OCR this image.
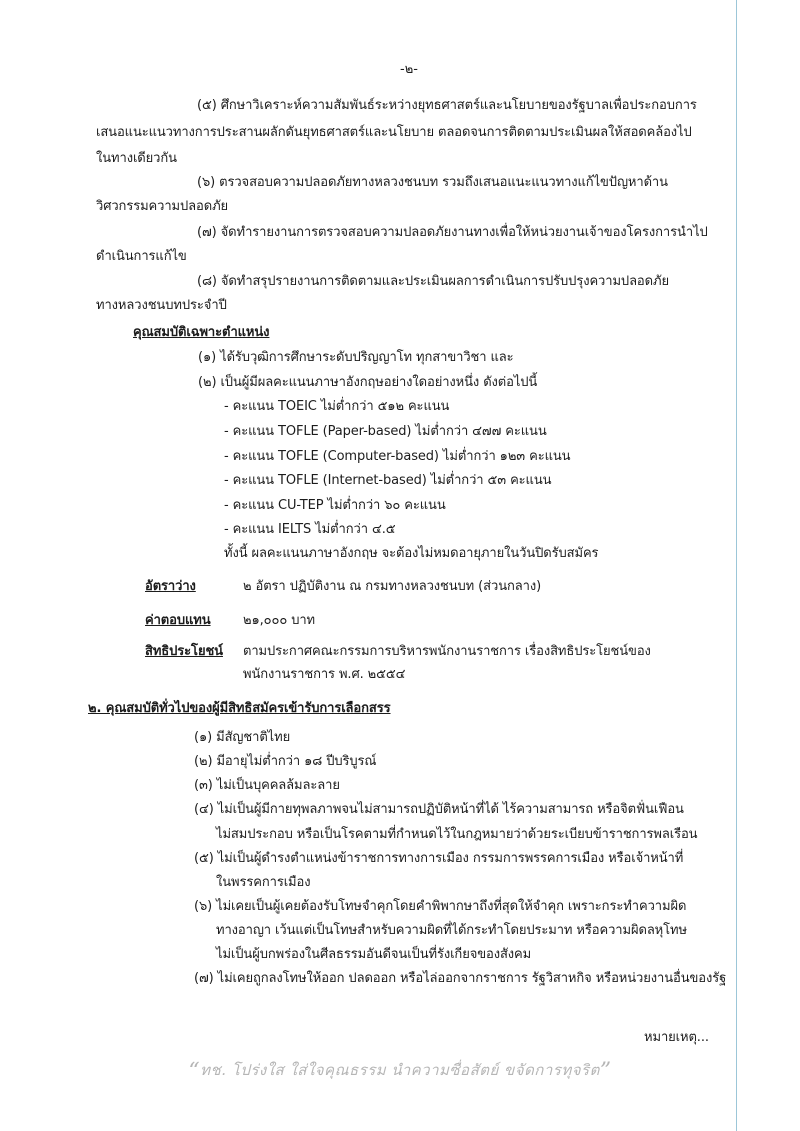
-๒-
(๕) ศึกษาวิเคราะห์ความสัมพันธ์ระหว่างยุทธศาสตร์และนโยบายของรัฐบาลเพื่อประกอบการ
เสนอแนะแนวทางการประสานผลักดันยุทธศาสตร์และนโยบาย ตลอดจนการติดตามประเมินผลให้สอดคล้องไป
ในทางเดียวกัน
(๖) ตรวจสอบความปลอดภัยทางหลวงชนบท รวมถึงเสนอแนะแนวทางแก้ไขปัญหาด้าน
วิศวกรรมความปลอดภัย
(๗) จัดทำรายงานการตรวจสอบความปลอดภัยงานทางเพื่อให้หน่วยงานเจ้าของโครงการนำไป
ดำเนินการแก้ไข
(๘) จัดทำสรุปรายงานการติดตามและประเมินผลการดำเนินการปรับปรุงความปลอดภัย
ทางหลวงชนบทประจำปี
คุณสมบัติเฉพาะตำแหน่ง
(๑) ได้รับวุฒิการศึกษาระดับปริญญาโท ทุกสาขาวิชา และ
(๒) เป็นผู้มีผลคะแนนภาษาอังกฤษอย่างใดอย่างหนึ่ง ดังต่อไปนี้
- คะแนน TOEIC ไม่ต่ำกว่า ๕๑๒ คะแนน
- คะแนน TOFLE (Paper-based) ไม่ต่ำกว่า ๔๗๗ คะแนน
- คะแนน TOFLE (Computer-based) ไม่ต่ำกว่า ๑๒๓ คะแนน
- คะแนน TOFLE (Internet-based) ไม่ต่ำกว่า ๕๓ คะแนน
- คะแนน CU-TEP ไม่ต่ำกว่า ๖๐ คะแนน
- คะแนน IELTS ไม่ต่ำกว่า ๔.๕
ทั้งนี้ ผลคะแนนภาษาอังกฤษ จะต้องไม่หมดอายุภายในวันปิดรับสมัคร
อัตราว่าง	๒ อัตรา ปฏิบัติงาน ณ กรมทางหลวงชนบท (ส่วนกลาง)
ค่าตอบแทน ๒๑,๐๐๐ บาท
สิทธิประโยชน์ ตามประกาศคณะกรรมการบริหารพนักงานราชการ เรื่องสิทธิประโยชน์ของ
พนักงานราชการ พ.ศ. ๒๕๕๔
๒. คุณสมบัติทั่วไปของผู้มีสิทธิสมัครเข้ารับการเลือกสรร
(๑) มีสัญชาติไทย
(๒) มีอายุไม่ต่ำกว่า ๑๘ ปีบริบูรณ์
(๓) ไม่เป็นบุคคลล้มละลาย
(๔) ไม่เป็นผู้มีกายทุพลภาพจนไม่สามารถปฏิบัติหน้าที่ได้ ไร้ความสามารถ หรือจิตฟั่นเฟือน
ไม่สมประกอบ หรือเป็นโรคตามที่กำหนดไว้ในกฎหมายว่าด้วยระเบียบข้าราชการพลเรือน
(๕) ไม่เป็นผู้ดำรงตำแหน่งข้าราชการทางการเมือง กรรมการพรรคการเมือง หรือเจ้าหน้าที่
ในพรรคการเมือง
(๖) ไม่เคยเป็นผู้เคยต้องรับโทษจำคุกโดยคำพิพากษาถึงที่สุดให้จำคุก เพราะกระทำความผิด
ทางอาญา เว้นแต่เป็นโทษสำหรับความผิดที่ได้กระทำโดยประมาท หรือความผิดลหุโทษ
ไม่เป็นผู้บกพร่องในศีลธรรมอันดีจนเป็นที่รังเกียจของสังคม
(๗) ไม่เคยถูกลงโทษให้ออก ปลดออก หรือไล่ออกจากราชการ รัฐวิสาหกิจ หรือหน่วยงานอื่นของรัฐ
หมายเหตุ...
“ทช. โปร่งใส ใส่ใจคุณธรรม นำความซื่อสัตย์ ขจัดการทุจริต”
